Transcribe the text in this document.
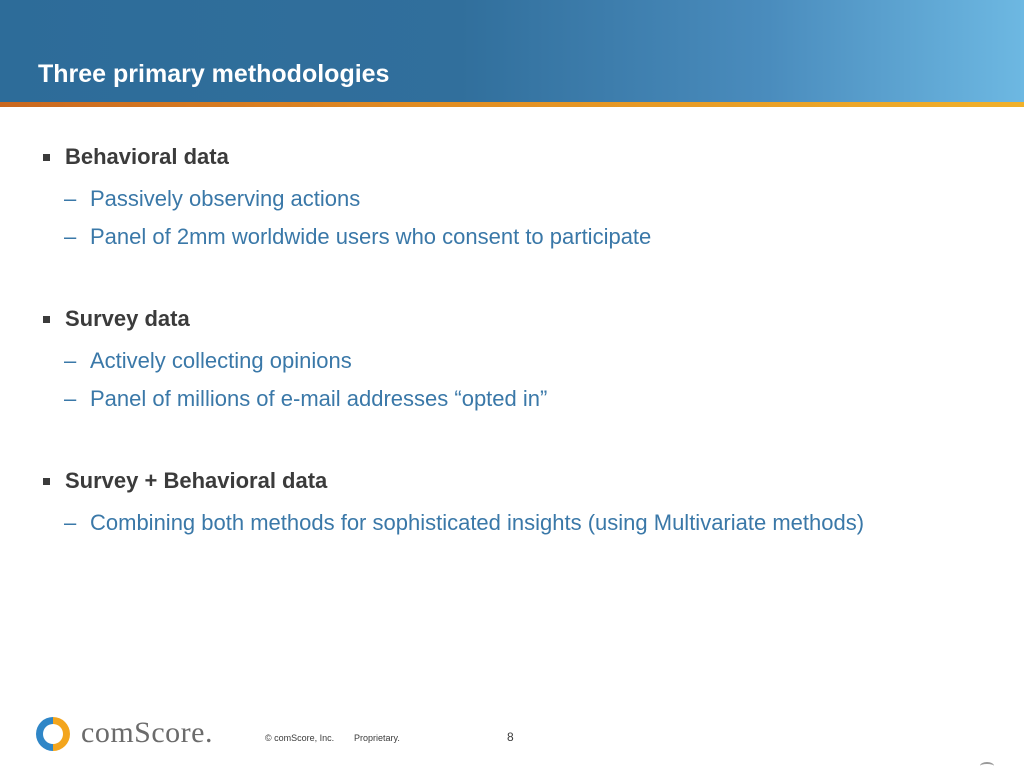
Three primary methodologies
Behavioral data
– Passively observing actions
– Panel of 2mm worldwide users who consent to participate
Survey data
– Actively collecting opinions
– Panel of millions of e-mail addresses “opted in”
Survey + Behavioral data
– Combining both methods for sophisticated insights (using Multivariate methods)
comScore.	© comScore, Inc. Proprietary.	8
